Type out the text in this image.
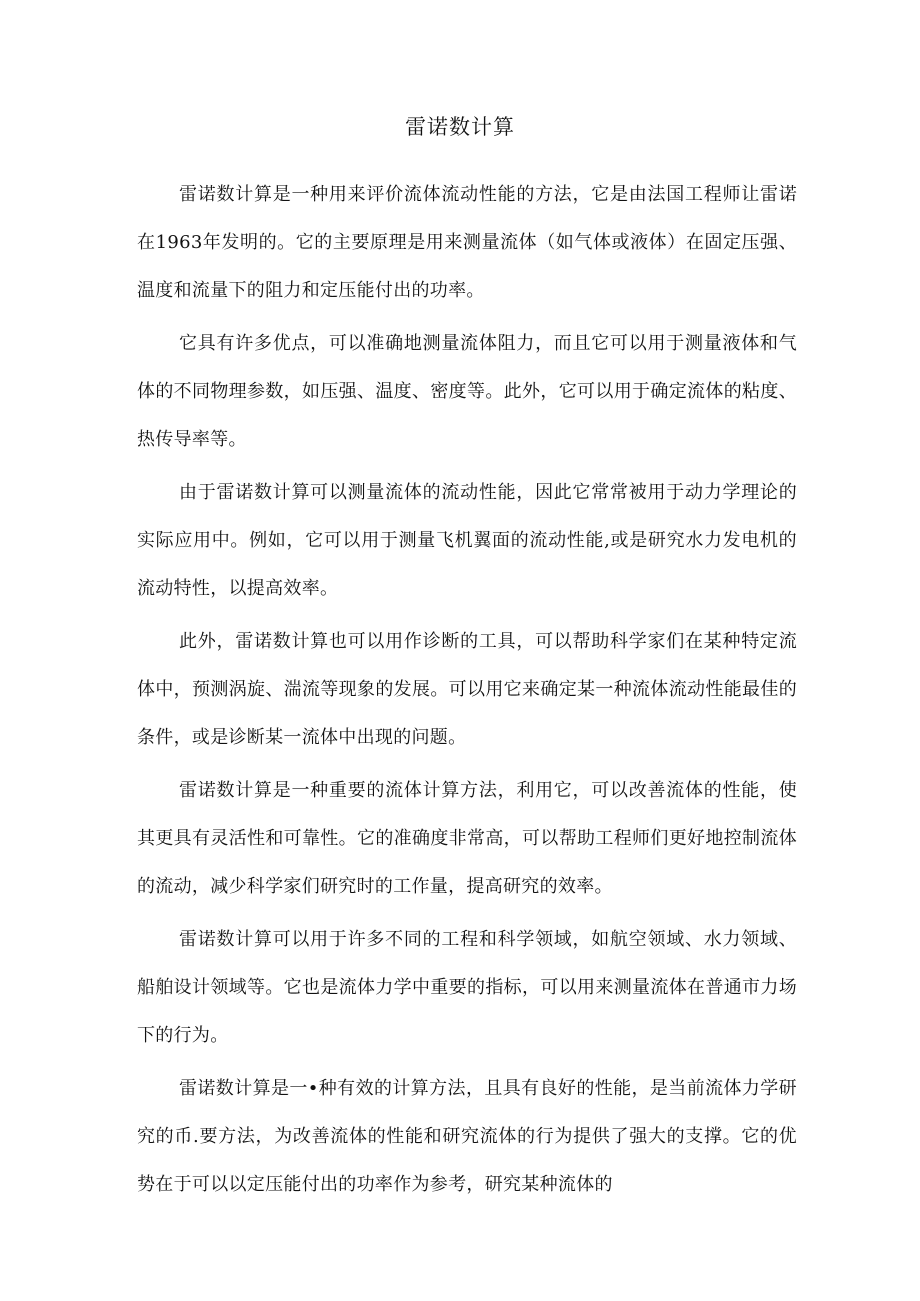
雷诺数计算

雷诺数计算是一种用来评价流体流动性能的方法，它是由法国工程师让雷诺在1963年发明的。它的主要原理是用来测量流体（如气体或液体）在固定压强、温度和流量下的阻力和定压能付出的功率。

它具有许多优点，可以准确地测量流体阻力，而且它可以用于测量液体和气体的不同物理参数，如压强、温度、密度等。此外，它可以用于确定流体的粘度、热传导率等。

由于雷诺数计算可以测量流体的流动性能，因此它常常被用于动力学理论的实际应用中。例如，它可以用于测量飞机翼面的流动性能,或是研究水力发电机的流动特性，以提高效率。

此外，雷诺数计算也可以用作诊断的工具，可以帮助科学家们在某种特定流体中，预测涡旋、湍流等现象的发展。可以用它来确定某一种流体流动性能最佳的条件，或是诊断某一流体中出现的问题。

雷诺数计算是一种重要的流体计算方法，利用它，可以改善流体的性能，使其更具有灵活性和可靠性。它的准确度非常高，可以帮助工程师们更好地控制流体的流动，减少科学家们研究时的工作量，提高研究的效率。

雷诺数计算可以用于许多不同的工程和科学领域，如航空领域、水力领域、船舶设计领域等。它也是流体力学中重要的指标，可以用来测量流体在普通市力场下的行为。

雷诺数计算是一•种有效的计算方法，且具有良好的性能，是当前流体力学研究的币.要方法，为改善流体的性能和研究流体的行为提供了强大的支撑。它的优势在于可以以定压能付出的功率作为参考，研究某种流体的
